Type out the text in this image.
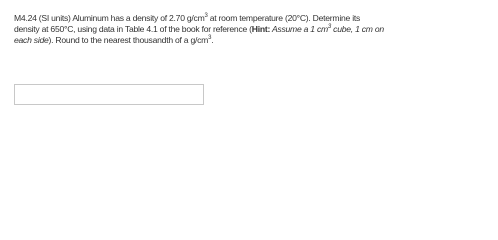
M4.24 (SI units) Aluminum has a density of 2.70 $g/cm^3$ at room temperature (20°C). Determine its
density at 650°C, using data in Table 4.1 of the book for reference (Hint: Assume a 1 $cm^3$ cube, 1 cm on
each side). Round to the nearest thousandth of a $g/cm^3$.
